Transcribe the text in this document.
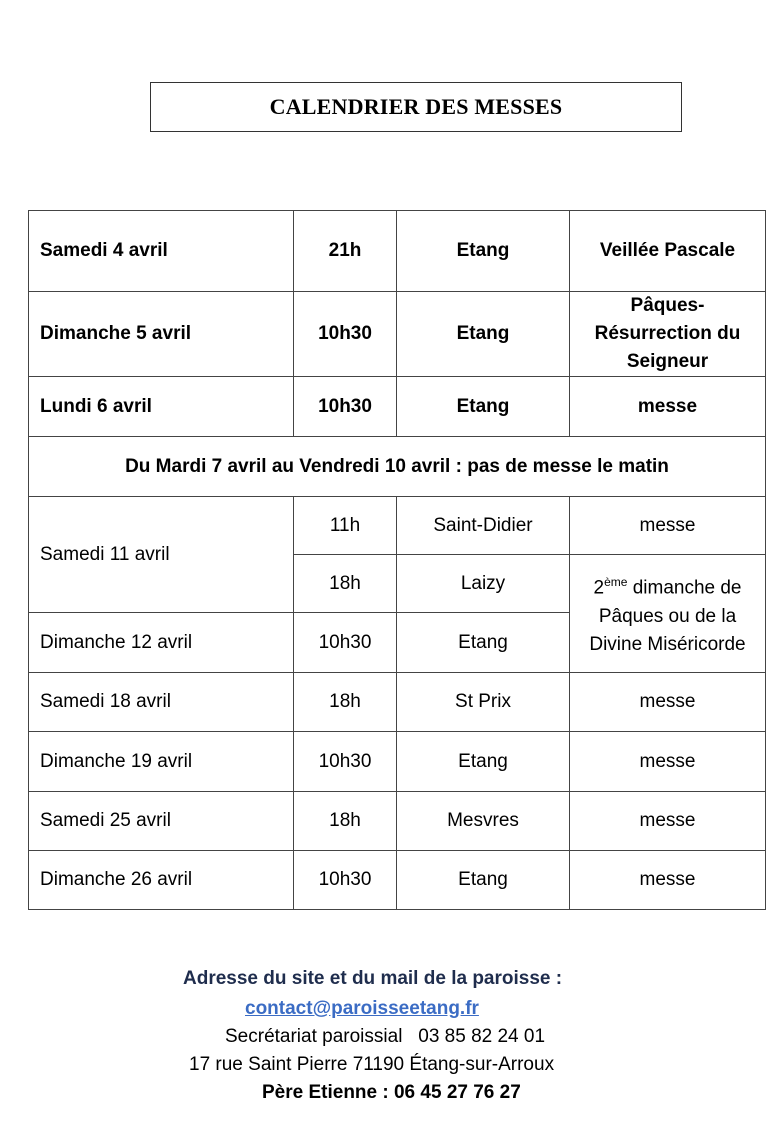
CALENDRIER DES MESSES
Samedi 4 avril	21h	Etang	Veillée Pascale
Dimanche 5 avril	10h30	Etang	Pâques-Résurrection du Seigneur
Lundi 6 avril	10h30	Etang	messe
Du Mardi 7 avril au Vendredi 10 avril : pas de messe le matin			
Samedi 11 avril	11h	Saint-Didier	messe
	18h	Laizy	2ème dimanche de Pâques ou de la Divine Miséricorde
Dimanche 12 avril	10h30	Etang	
Samedi 18 avril	18h	St Prix	messe
Dimanche 19 avril	10h30	Etang	messe
Samedi 25 avril	18h	Mesvres	messe
Dimanche 26 avril	10h30	Etang	messe
Adresse du site et du mail de la paroisse :
contact@paroisseetang.fr
Secrétariat paroissial   03 85 82 24 01
17 rue Saint Pierre 71190 Étang-sur-Arroux
Père Etienne : 06 45 27 76 27
